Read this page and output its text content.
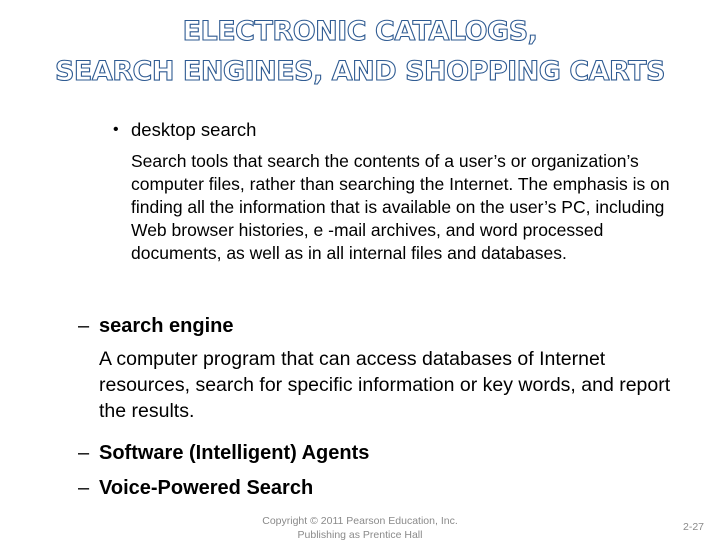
ELECTRONIC CATALOGS,
SEARCH ENGINES, AND SHOPPING CARTS
• desktop search
Search tools that search the contents of a user’s or organization’s computer files, rather than searching the Internet. The emphasis is on finding all the information that is available on the user’s PC, including Web browser histories, e -mail archives, and word processed documents, as well as in all internal files and databases.
– search engine
A computer program that can access databases of Internet resources, search for specific information or key words, and report the results.
– Software (Intelligent) Agents
– Voice-Powered Search
Copyright © 2011 Pearson Education, Inc.
Publishing as Prentice Hall
2-27
